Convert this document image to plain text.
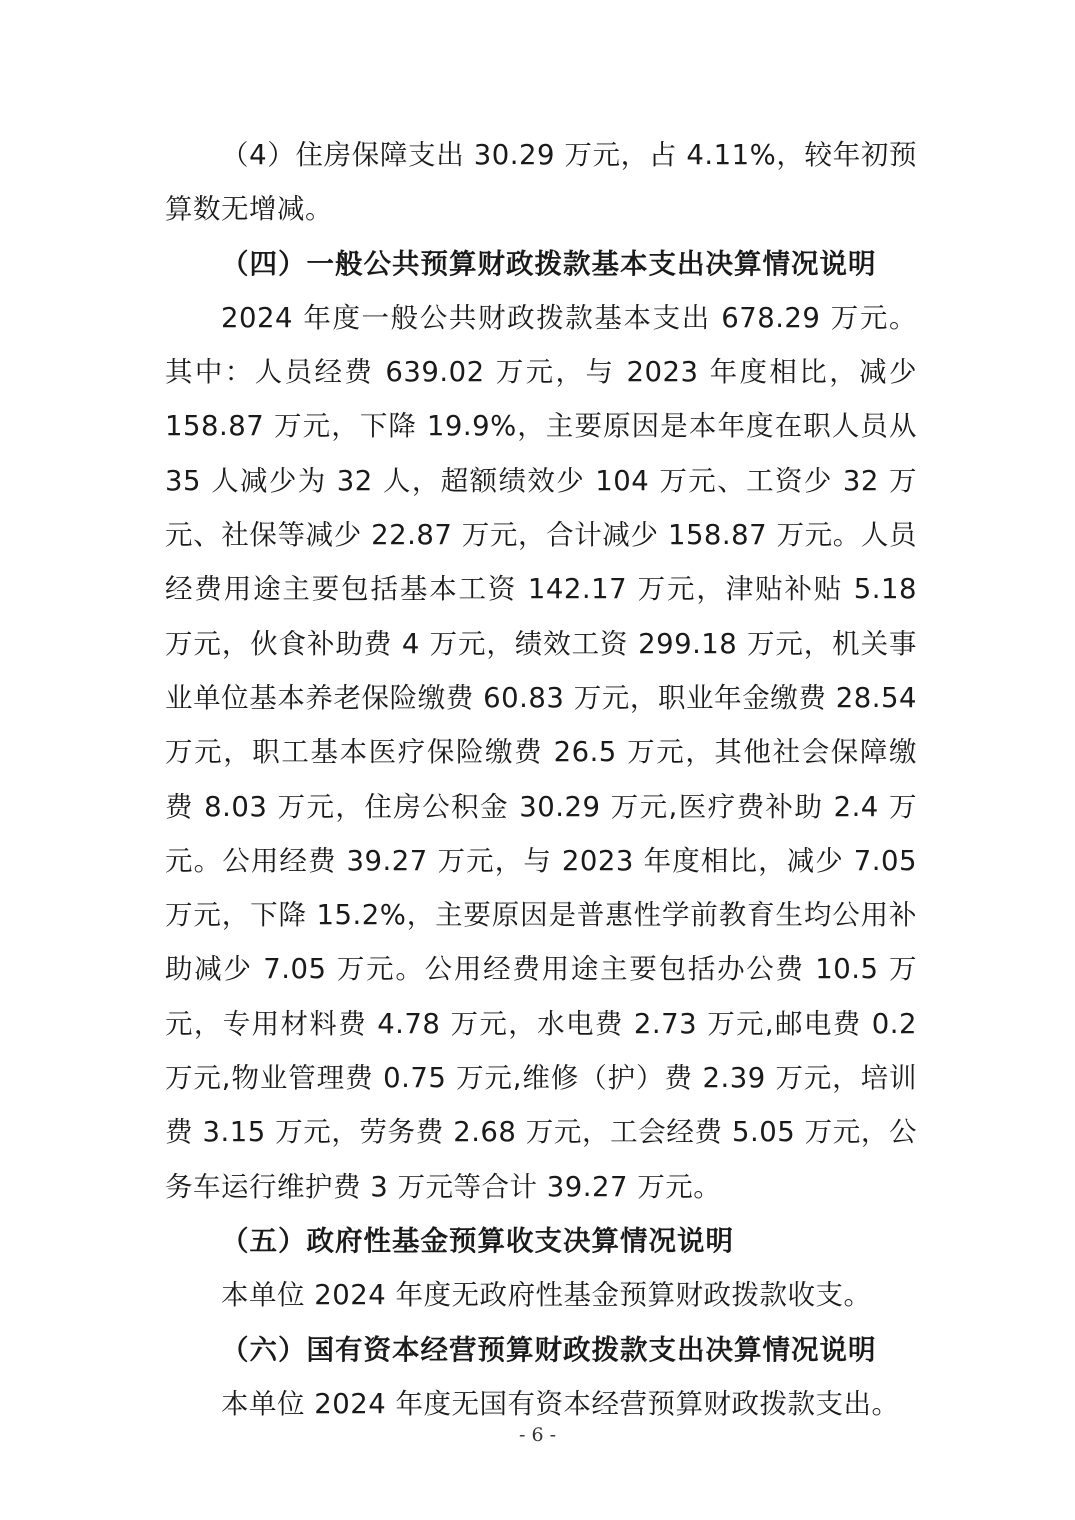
（4）住房保障支出 30.29 万元，占 4.11%，较年初预算数无增减。

（四）一般公共预算财政拨款基本支出决算情况说明

2024 年度一般公共财政拨款基本支出 678.29 万元。其中：人员经费 639.02 万元，与 2023 年度相比，减少 158.87 万元，下降 19.9%，主要原因是本年度在职人员从 35 人减少为 32 人，超额绩效少 104 万元、工资少 32 万元、社保等减少 22.87 万元，合计减少 158.87 万元。人员经费用途主要包括基本工资 142.17 万元，津贴补贴 5.18 万元，伙食补助费 4 万元，绩效工资 299.18 万元，机关事业单位基本养老保险缴费 60.83 万元，职业年金缴费 28.54 万元，职工基本医疗保险缴费 26.5 万元，其他社会保障缴费 8.03 万元，住房公积金 30.29 万元,医疗费补助 2.4 万元。公用经费 39.27 万元，与 2023 年度相比，减少 7.05 万元，下降 15.2%，主要原因是普惠性学前教育生均公用补助减少 7.05 万元。公用经费用途主要包括办公费 10.5 万元，专用材料费 4.78 万元，水电费 2.73 万元,邮电费 0.2 万元,物业管理费 0.75 万元,维修（护）费 2.39 万元，培训费 3.15 万元，劳务费 2.68 万元，工会经费 5.05 万元，公务车运行维护费 3 万元等合计 39.27 万元。

（五）政府性基金预算收支决算情况说明

本单位 2024 年度无政府性基金预算财政拨款收支。

（六）国有资本经营预算财政拨款支出决算情况说明

本单位 2024 年度无国有资本经营预算财政拨款支出。

- 6 -
